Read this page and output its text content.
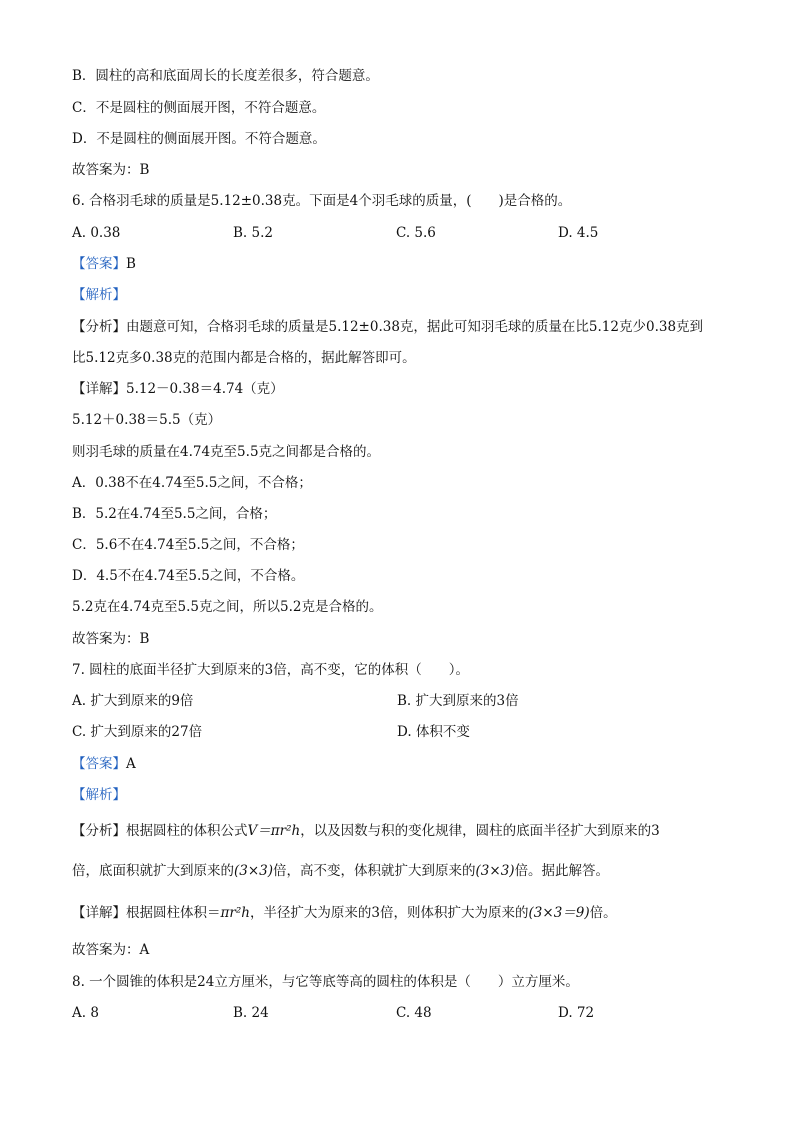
B．圆柱的高和底面周长的长度差很多，符合题意。
C．不是圆柱的侧面展开图，不符合题意。
D．不是圆柱的侧面展开图。不符合题意。
故答案为：B
6. 合格羽毛球的质量是5.12±0.38克。下面是4个羽毛球的质量，(　　)是合格的。
A. 0.38	B. 5.2	C. 5.6	D. 4.5
【答案】B
【解析】
【分析】由题意可知，合格羽毛球的质量是5.12±0.38克，据此可知羽毛球的质量在比5.12克少0.38克到
比5.12克多0.38克的范围内都是合格的，据此解答即可。
【详解】5.12－0.38＝4.74（克）
5.12＋0.38＝5.5（克）
则羽毛球的质量在4.74克至5.5克之间都是合格的。
A．0.38不在4.74至5.5之间，不合格；
B．5.2在4.74至5.5之间，合格；
C．5.6不在4.74至5.5之间，不合格；
D．4.5不在4.74至5.5之间，不合格。
5.2克在4.74克至5.5克之间，所以5.2克是合格的。
故答案为：B
7. 圆柱的底面半径扩大到原来的3倍，高不变，它的体积（　　）。
A. 扩大到原来的9倍	B. 扩大到原来的3倍
C. 扩大到原来的27倍	D. 体积不变
【答案】A
【解析】
【分析】根据圆柱的体积公式V＝πr²h，以及因数与积的变化规律，圆柱的底面半径扩大到原来的3
倍，底面积就扩大到原来的(3×3)倍，高不变，体积就扩大到原来的(3×3)倍。据此解答。
【详解】根据圆柱体积＝πr²h，半径扩大为原来的3倍，则体积扩大为原来的(3×3＝9)倍。
故答案为：A
8. 一个圆锥的体积是24立方厘米，与它等底等高的圆柱的体积是（　　）立方厘米。
A. 8	B. 24	C. 48	D. 72
